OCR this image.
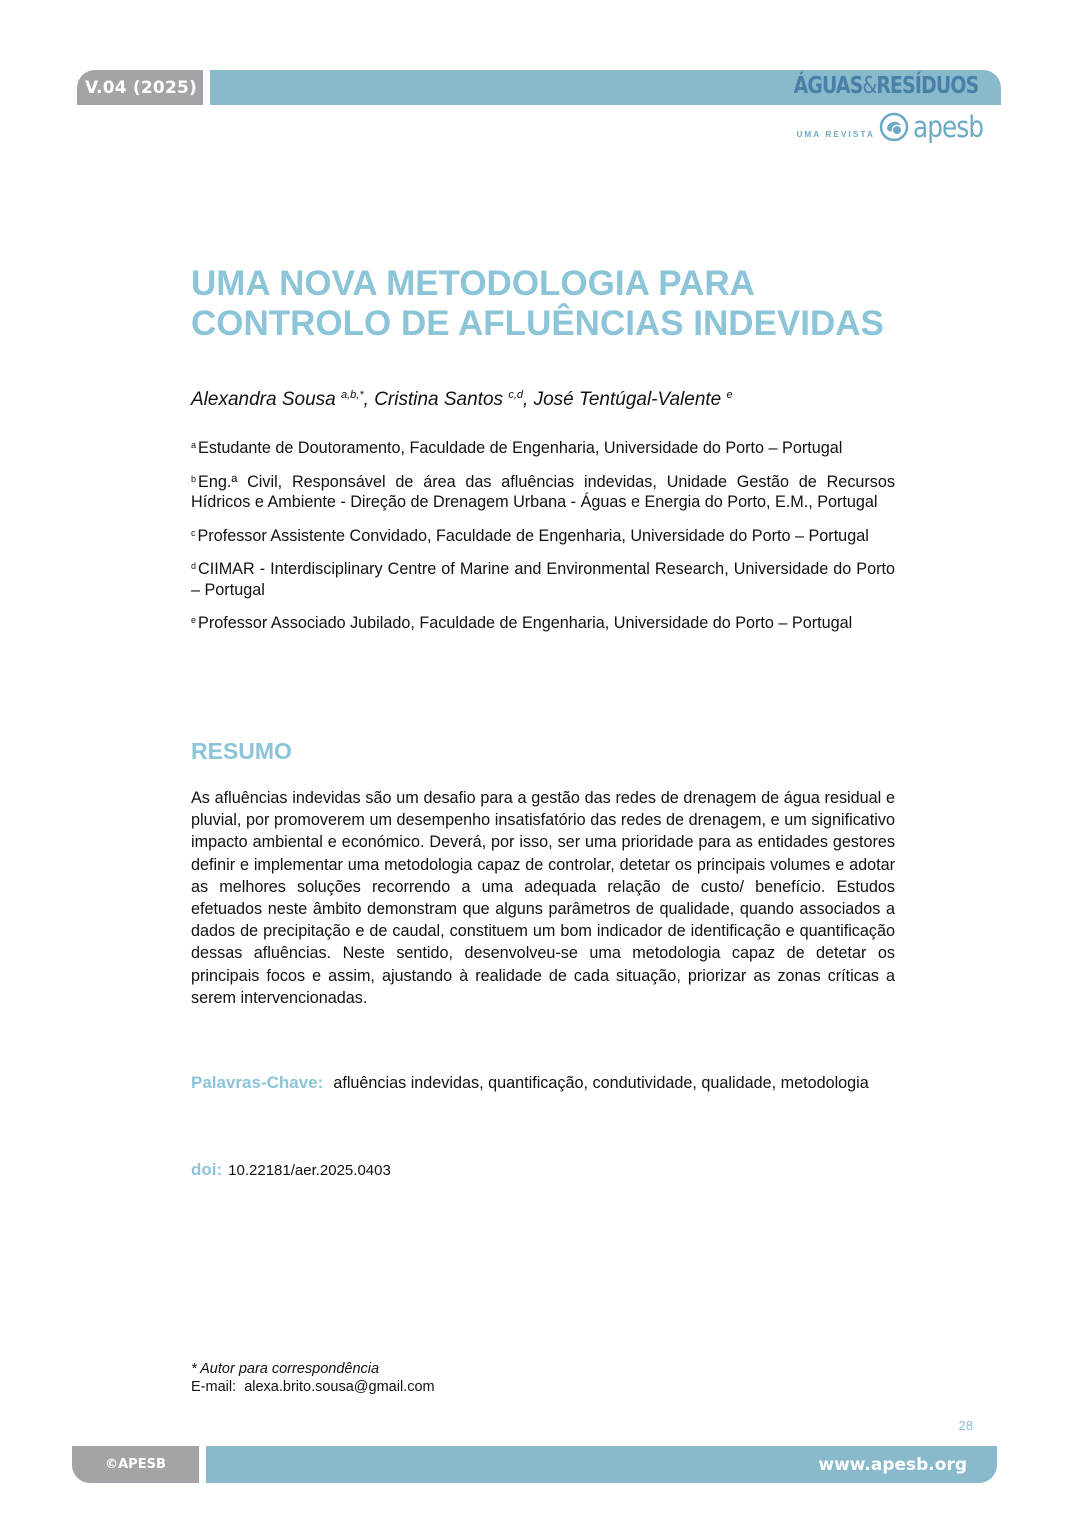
V.04 (2025)	ÁGUAS&RESÍDUOS
UMA REVISTA apesb
UMA NOVA METODOLOGIA PARA
CONTROLO DE AFLUÊNCIAS INDEVIDAS
Alexandra Sousa $^{a,b,*}$, Cristina Santos $^{c,d}$, José Tentúgal-Valente $^e$

$^a$ Estudante de Doutoramento, Faculdade de Engenharia, Universidade do Porto – Portugal

$^b$ Eng.ª Civil, Responsável de área das afluências indevidas, Unidade Gestão de Recursos Hídricos e Ambiente - Direção de Drenagem Urbana - Águas e Energia do Porto, E.M., Portugal

$^c$ Professor Assistente Convidado, Faculdade de Engenharia, Universidade do Porto – Portugal

$^d$ CIIMAR - Interdisciplinary Centre of Marine and Environmental Research, Universidade do Porto – Portugal

$^e$ Professor Associado Jubilado, Faculdade de Engenharia, Universidade do Porto – Portugal

RESUMO

As afluências indevidas são um desafio para a gestão das redes de drenagem de água residual e pluvial, por promoverem um desempenho insatisfatório das redes de drenagem, e um significativo impacto ambiental e económico. Deverá, por isso, ser uma prioridade para as entidades gestores definir e implementar uma metodologia capaz de controlar, detetar os principais volumes e adotar as melhores soluções recorrendo a uma adequada relação de custo/ benefício. Estudos efetuados neste âmbito demonstram que alguns parâmetros de qualidade, quando associados a dados de precipitação e de caudal, constituem um bom indicador de identificação e quantificação dessas afluências. Neste sentido, desenvolveu-se uma metodologia capaz de detetar os principais focos e assim, ajustando à realidade de cada situação, priorizar as zonas críticas a serem intervencionadas.

Palavras-Chave: afluências indevidas, quantificação, condutividade, qualidade, metodologia

doi: 10.22181/aer.2025.0403
* Autor para correspondência
E-mail: alexa.brito.sousa@gmail.com
28
©APESB	www.apesb.org
